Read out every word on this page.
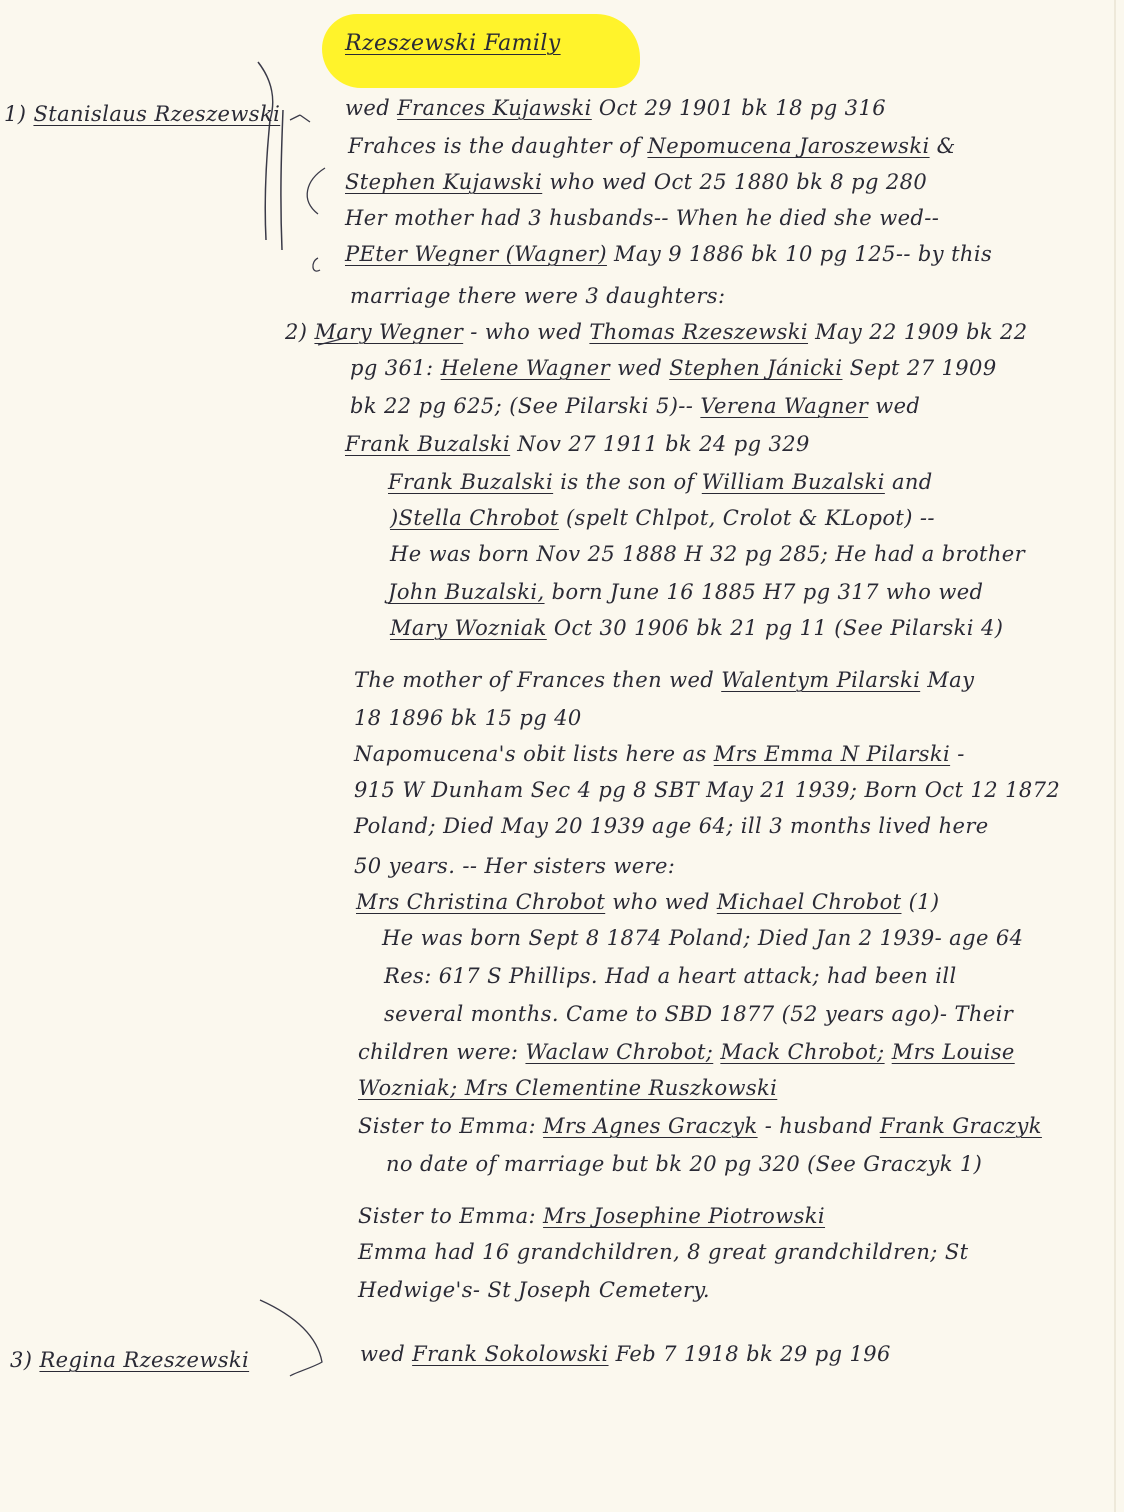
Rzeszewski Family
1) Stanislaus Rzeszewski	wed Frances Kujawski Oct 29 1901 bk 18 pg 316
Frahces is the daughter of Nepomucena Jaroszewski &
Stephen Kujawski who wed Oct 25 1880 bk 8 pg 280
Her mother had 3 husbands-- When he died she wed--
PEter Wegner (Wagner) May 9 1886 bk 10 pg 125-- by this
marriage there were 3 daughters:
2) Mary Wegner - who wed Thomas Rzeszewski May 22 1909 bk 22
pg 361: Helene Wagner wed Stephen Jánicki Sept 27 1909
bk 22 pg 625; (See Pilarski 5)-- Verena Wagner wed
Frank Buzalski Nov 27 1911 bk 24 pg 329
Frank Buzalski is the son of William Buzalski and
)Stella Chrobot (spelt Chlpot, Crolot & KLopot) --
He was born Nov 25 1888 H 32 pg 285; He had a brother
John Buzalski, born June 16 1885 H7 pg 317 who wed
Mary Wozniak Oct 30 1906 bk 21 pg 11 (See Pilarski 4)
The mother of Frances then wed Walentym Pilarski May
18 1896 bk 15 pg 40
Napomucena's obit lists here as Mrs Emma N Pilarski -
915 W Dunham Sec 4 pg 8 SBT May 21 1939; Born Oct 12 1872
Poland; Died May 20 1939 age 64; ill 3 months lived here
50 years. -- Her sisters were:
Mrs Christina Chrobot who wed Michael Chrobot (1)
He was born Sept 8 1874 Poland; Died Jan 2 1939- age 64
Res: 617 S Phillips. Had a heart attack; had been ill
several months. Came to SBD 1877 (52 years ago)- Their
children were: Waclaw Chrobot; Mack Chrobot; Mrs Louise
Wozniak; Mrs Clementine Ruszkowski
Sister to Emma: Mrs Agnes Graczyk - husband Frank Graczyk
no date of marriage but bk 20 pg 320 (See Graczyk 1)
Sister to Emma: Mrs Josephine Piotrowski
Emma had 16 grandchildren, 8 great grandchildren; St
Hedwige's- St Joseph Cemetery.
3) Regina Rzeszewski	wed Frank Sokolowski Feb 7 1918 bk 29 pg 196
